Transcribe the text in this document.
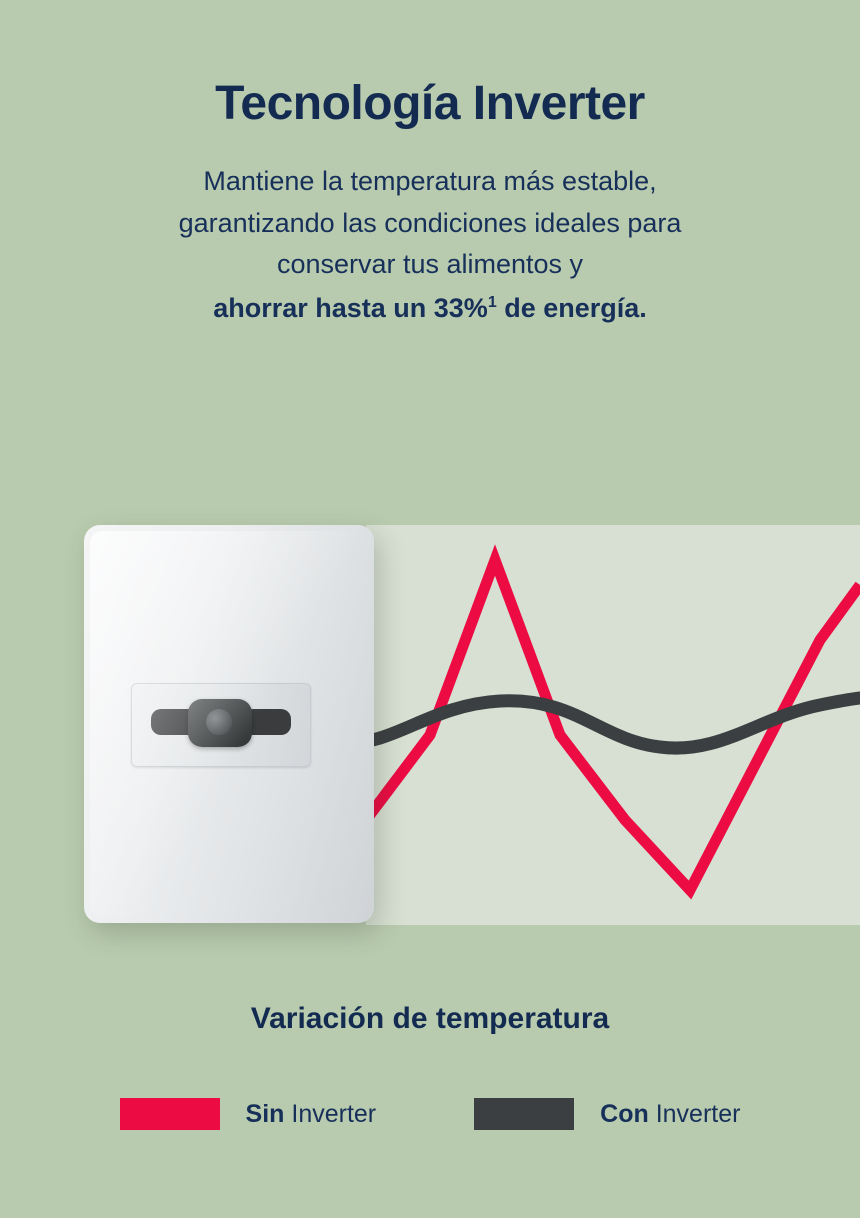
Tecnología Inverter

Mantiene la temperatura más estable,
garantizando las condiciones ideales para
conservar tus alimentos y
ahorrar hasta un 33%$^1$ de energía.

Variación de temperatura
Sin Inverter	Con Inverter
